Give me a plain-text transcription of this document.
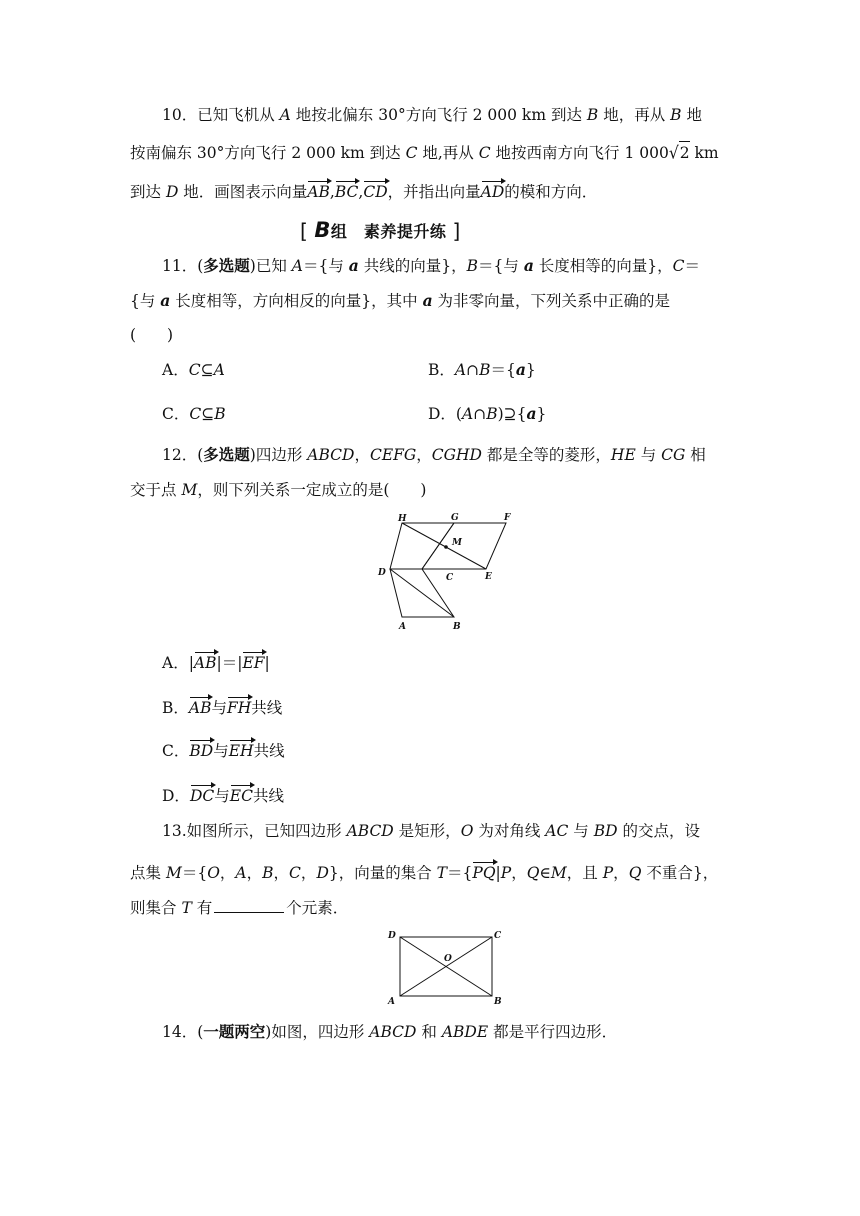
10．已知飞机从 A 地按北偏东 30°方向飞行 2 000 km 到达 B 地，再从 B 地
按南偏东 30°方向飞行 2 000 km 到达 C 地,再从 C 地按西南方向飞行 1 000√2 km
到达 D 地．画图表示向量AB,BC,CD，并指出向量AD的模和方向．
[ B组　素养提升练 ]
11．(多选题)已知 A＝{与 a 共线的向量}，B＝{与 a 长度相等的向量}，C＝
{与 a 长度相等，方向相反的向量}，其中 a 为非零向量，下列关系中正确的是
(　　)
A．C⊆A	B．A∩B＝{a}
C．C⊆B	D．(A∩B)⊇{a}
12．(多选题)四边形 ABCD，CEFG，CGHD 都是全等的菱形，HE 与 CG 相
交于点 M，则下列关系一定成立的是(　　)
H	G	F
M
D	C	E
A	B
A．|AB|＝|EF|
B．AB与FH共线
C．BD与EH共线
D．DC与EC共线
13.如图所示，已知四边形 ABCD 是矩形，O 为对角线 AC 与 BD 的交点，设
点集 M＝{O，A，B，C，D}，向量的集合 T＝{PQ|P，Q∈M，且 P，Q 不重合}，
则集合 T 有	个元素．
D	C
O
A	B
14．(一题两空)如图，四边形 ABCD 和 ABDE 都是平行四边形．
